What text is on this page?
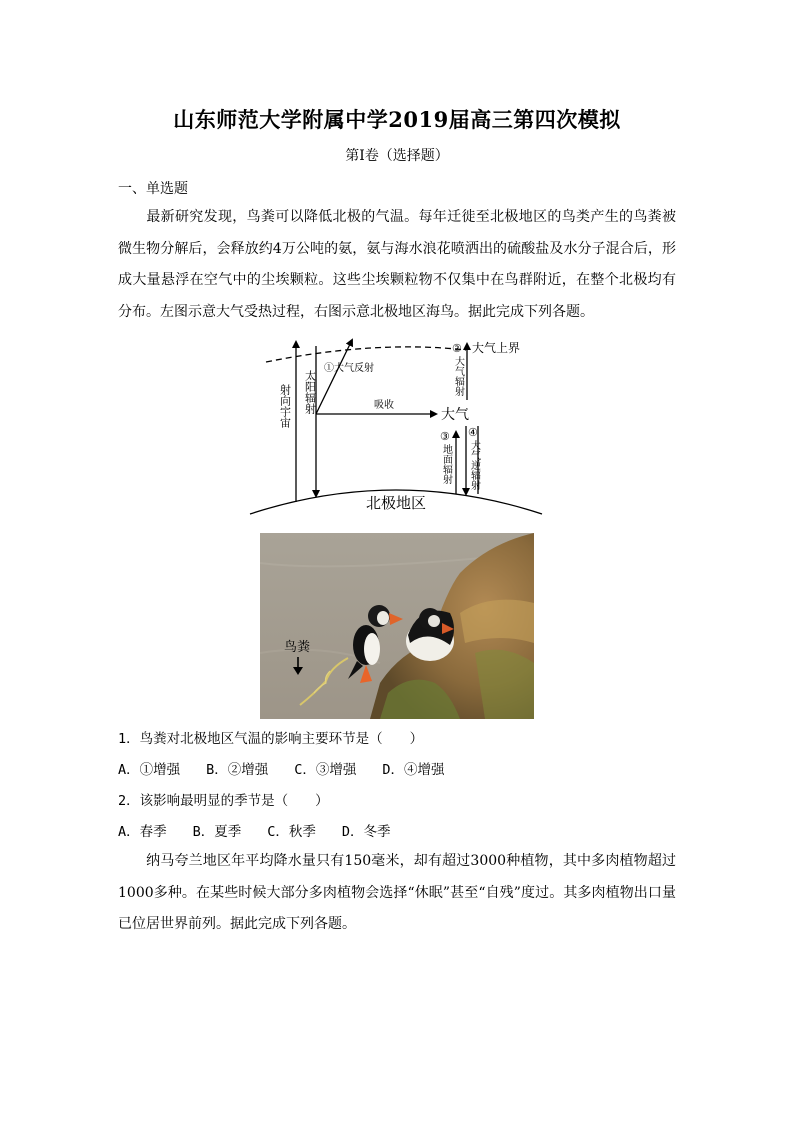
山东师范大学附属中学2019届高三第四次模拟
第Ⅰ卷（选择题）
一、单选题
最新研究发现，鸟粪可以降低北极的气温。每年迁徙至北极地区的鸟类产生的鸟粪被微生物分解后，会释放约4万公吨的氨，氨与海水浪花喷洒出的硫酸盐及水分子混合后，形成大量悬浮在空气中的尘埃颗粒。这些尘埃颗粒物不仅集中在鸟群附近，在整个北极均有分布。左图示意大气受热过程，右图示意北极地区海鸟。据此完成下列各题。
大气上界
①大气反射
吸收
大气
北极地区
射向宇宙 太阳辐射
②
大气辐射
③
地面辐射
④
大气逆辐射
鸟粪
1．鸟粪对北极地区气温的影响主要环节是（　　）
A．①增强 B．②增强 C．③增强 D．④增强
2．该影响最明显的季节是（　　）
A．春季 B．夏季 C．秋季 D．冬季
纳马夸兰地区年平均降水量只有150毫米，却有超过3000种植物，其中多肉植物超过1000多种。在某些时候大部分多肉植物会选择“休眠”甚至“自残”度过。其多肉植物出口量已位居世界前列。据此完成下列各题。
